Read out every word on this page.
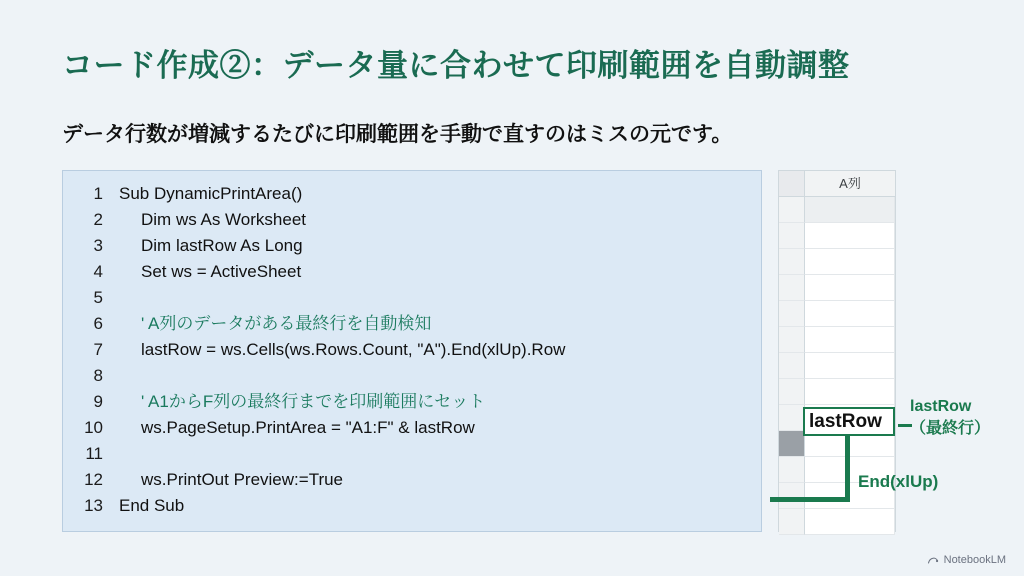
コード作成②：データ量に合わせて印刷範囲を自動調整
データ行数が増減するたびに印刷範囲を手動で直すのはミスの元です。
1 Sub DynamicPrintArea()
2	Dim ws As Worksheet
3	Dim lastRow As Long
4	Set ws = ActiveSheet
5
6	' A列のデータがある最終行を自動検知
7	lastRow = ws.Cells(ws.Rows.Count, "A").End(xlUp).Row
8
9	' A1からF列の最終行までを印刷範囲にセット
10	ws.PageSetup.PrintArea = "A1:F" & lastRow
11
12	ws.PrintOut Preview:=True
13 End Sub
A列
lastRow
lastRow
（最終行）
End(xlUp)
NotebookLM
